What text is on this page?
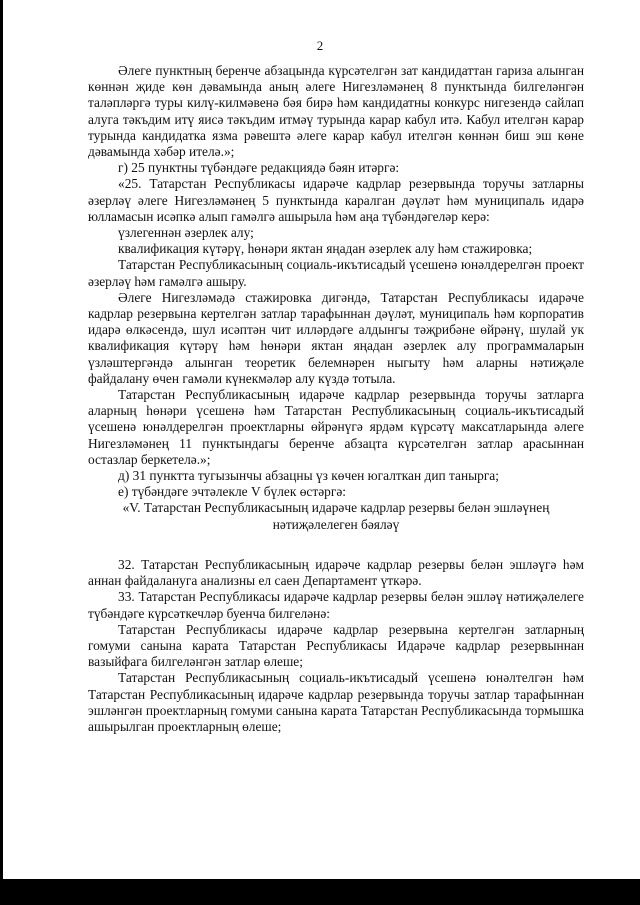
2

Әлеге пунктның беренче абзацында күрсәтелгән зат кандидаттан гариза алынган көннән җиде көн дәвамында аның әлеге Нигезләмәнең 8 пунктында билгеләнгән таләпләргә туры килү-килмәвенә бәя бирә һәм кандидатны конкурс нигезендә сайлап алуга тәкъдим итү яисә тәкъдим итмәү турында карар кабул итә. Кабул ителгән карар турында кандидатка язма рәвештә әлеге карар кабул ителгән көннән биш эш көне дәвамында хәбәр ителә.»;

г) 25 пунктны түбәндәге редакциядә бәян итәргә:

«25. Татарстан Республикасы идарәче кадрлар резервында торучы затларны әзерләү әлеге Нигезләмәнең 5 пунктында каралган дәүләт һәм муниципаль идарә юлламасын исәпкә алып гамәлгә ашырыла һәм аңа түбәндәгеләр керә:

үзлегеннән әзерлек алу;

квалификация күтәрү, һөнәри яктан яңадан әзерлек алу һәм стажировка;

Татарстан Республикасының социаль-икътисадый үсешенә юнәлдерелгән проект әзерләү һәм гамәлгә ашыру.

Әлеге Нигезләмәдә стажировка дигәндә, Татарстан Республикасы идарәче кадрлар резервына кертелгән затлар тарафыннан дәүләт, муниципаль һәм корпоратив идарә өлкәсендә, шул исәптән чит илләрдәге алдынгы тәҗрибәне өйрәнү, шулай ук квалификация күтәрү һәм һөнәри яктан яңадан әзерлек алу программаларын үзләштергәндә алынган теоретик белемнәрен ныгыту һәм аларны нәтиҗәле файдалану өчен гамәли күнекмәләр алу күздә тотыла.

Татарстан Республикасының идарәче кадрлар резервында торучы затларга аларның һөнәри үсешенә һәм Татарстан Республикасының социаль-икътисадый үсешенә юнәлдерелгән проектларны өйрәнүгә ярдәм күрсәтү максатларында әлеге Нигезләмәнең 11 пунктындагы беренче абзацта күрсәтелгән затлар арасыннан остазлар беркетелә.»;

д) 31 пунктта тугызынчы абзацны үз көчен югалткан дип танырга;

е) түбәндәге эчтәлекле V бүлек өстәргә:

«V. Татарстан Республикасының идарәче кадрлар резервы белән эшләүнең нәтиҗәлелеген бәяләү

32. Татарстан Республикасының идарәче кадрлар резервы белән эшләүгә һәм аннан файдалануга анализны ел саен Департамент үткәрә.

33. Татарстан Республикасы идарәче кадрлар резервы белән эшләү нәтиҗәлелеге түбәндәге күрсәткечләр буенча билгеләнә:

Татарстан Республикасы идарәче кадрлар резервына кертелгән затларның гомуми санына карата Татарстан Республикасы Идарәче кадрлар резервыннан вазыйфага билгеләнгән затлар өлеше;

Татарстан Республикасының социаль-икътисадый үсешенә юнәлтелгән һәм Татарстан Республикасының идарәче кадрлар резервында торучы затлар тарафыннан эшләнгән проектларның гомуми санына карата Татарстан Республикасында тормышка ашырылган проектларның өлеше;
